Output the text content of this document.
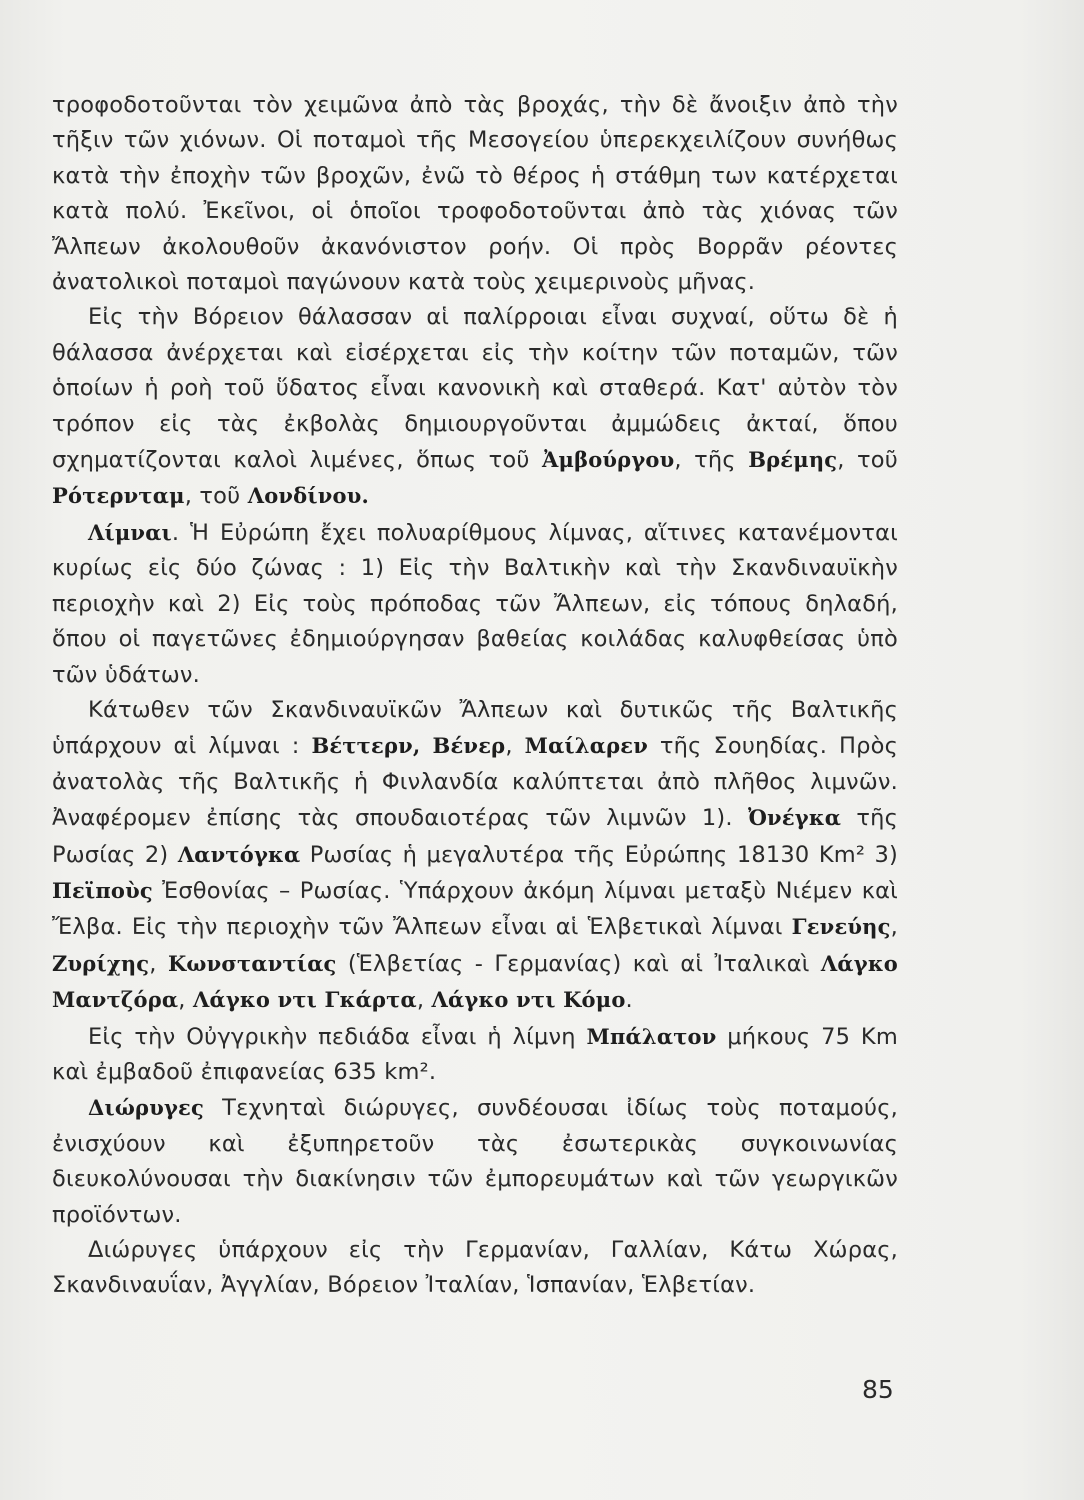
τροφοδοτοῦνται τὸν χειμῶνα ἀπὸ τὰς βροχάς, τὴν δὲ ἄνοιξιν ἀπὸ τὴν τῆξιν τῶν χιόνων. Οἱ ποταμοὶ τῆς Μεσογείου ὑπερεκχειλίζουν συνήθως κατὰ τὴν ἐποχὴν τῶν βροχῶν, ἐνῶ τὸ θέρος ἡ στάθμη των κατέρχεται κατὰ πολύ. Ἐκεῖνοι, οἱ ὁποῖοι τροφοδοτοῦνται ἀπὸ τὰς χιόνας τῶν Ἄλπεων ἀκολουθοῦν ἀκανόνιστον ροήν. Οἱ πρὸς Βορρᾶν ρέοντες ἀνατολικοὶ ποταμοὶ παγώνουν κατὰ τοὺς χειμερινοὺς μῆνας.

Εἰς τὴν Βόρειον θάλασσαν αἱ παλίρροιαι εἶναι συχναί, οὕτω δὲ ἡ θάλασσα ἀνέρχεται καὶ εἰσέρχεται εἰς τὴν κοίτην τῶν ποταμῶν, τῶν ὁποίων ἡ ροὴ τοῦ ὕδατος εἶναι κανονικὴ καὶ σταθερά. Κατ' αὐτὸν τὸν τρόπον εἰς τὰς ἐκβολὰς δημιουργοῦνται ἀμμώδεις ἀκταί, ὅπου σχηματίζονται καλοὶ λιμένες, ὅπως τοῦ Ἀμβούργου, τῆς Βρέμης, τοῦ Ρότερνταμ, τοῦ Λονδίνου.

Λίμναι. Ἡ Εὐρώπη ἔχει πολυαρίθμους λίμνας, αἵτινες κατανέμονται κυρίως εἰς δύο ζώνας : 1) Εἰς τὴν Βαλτικὴν καὶ τὴν Σκανδιναυϊκὴν περιοχὴν καὶ 2) Εἰς τοὺς πρόποδας τῶν Ἄλπεων, εἰς τόπους δηλαδή, ὅπου οἱ παγετῶνες ἐδημιούργησαν βαθείας κοιλάδας καλυφθείσας ὑπὸ τῶν ὑδάτων.

Κάτωθεν τῶν Σκανδιναυϊκῶν Ἄλπεων καὶ δυτικῶς τῆς Βαλτικῆς ὑπάρχουν αἱ λίμναι : Βέττερν, Βένερ, Μαίλαρεν τῆς Σουηδίας. Πρὸς ἀνατολὰς τῆς Βαλτικῆς ἡ Φινλανδία καλύπτεται ἀπὸ πλῆθος λιμνῶν. Ἀναφέρομεν ἐπίσης τὰς σπουδαιοτέρας τῶν λιμνῶν 1). Ὀνέγκα τῆς Ρωσίας 2) Λαντόγκα Ρωσίας ἡ μεγαλυτέρα τῆς Εὐρώπης 18130 Km² 3) Πεϊποὺς Ἐσθονίας – Ρωσίας. Ὑπάρχουν ἀκόμη λίμναι μεταξὺ Νιέμεν καὶ Ἔλβα. Εἰς τὴν περιοχὴν τῶν Ἄλπεων εἶναι αἱ Ἑλβετικαὶ λίμναι Γενεύης, Ζυρίχης, Κωνσταντίας (Ἑλβετίας - Γερμανίας) καὶ αἱ Ἰταλικαὶ Λάγκο Μαντζόρα, Λάγκο ντι Γκάρτα, Λάγκο ντι Κόμο.

Εἰς τὴν Οὐγγρικὴν πεδιάδα εἶναι ἡ λίμνη Μπάλατον μήκους 75 Km καὶ ἐμβαδοῦ ἐπιφανείας 635 km².

Διώρυγες Τεχνηταὶ διώρυγες, συνδέουσαι ἰδίως τοὺς ποταμούς, ἐνισχύουν καὶ ἐξυπηρετοῦν τὰς ἐσωτερικὰς συγκοινωνίας διευκολύνουσαι τὴν διακίνησιν τῶν ἐμπορευμάτων καὶ τῶν γεωργικῶν προϊόντων.

Διώρυγες ὑπάρχουν εἰς τὴν Γερμανίαν, Γαλλίαν, Κάτω Χώρας, Σκανδιναυΐαν, Ἀγγλίαν, Βόρειον Ἰταλίαν, Ἱσπανίαν, Ἑλβετίαν.

85
